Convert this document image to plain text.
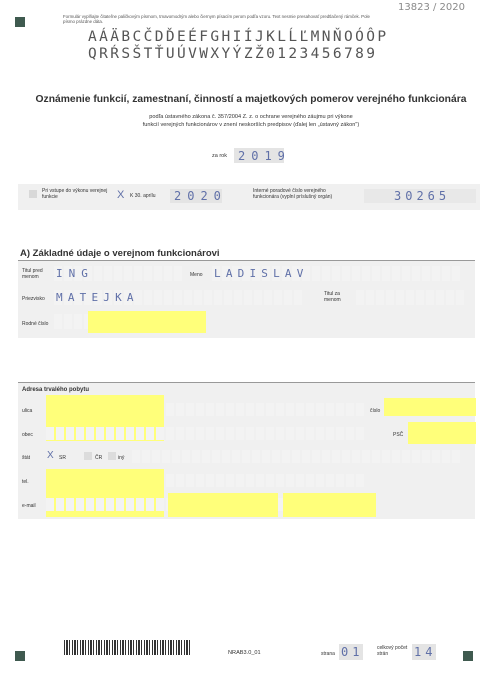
Formulár vyplňajte čitateľne paličkovým písmom, tmavomodrým alebo čiernym písacím perom podľa vzoru. Text nesmie presahovať predtlačený rámček. Pole písmo prázdne dáta.
13823 / 2020
AÁÄBCČDĎEÉFGHIÍJKLĹĽMNŇOÓÔP
QRŔSŠTŤUÚVWXYÝZŽ0123456789
Oznámenie funkcií, zamestnaní, činností a majetkových pomerov verejného funkcionára
podľa ústavného zákona č. 357/2004 Z. z. o ochrane verejného záujmu pri výkone
funkcií verejných funkcionárov v znení neskorších predpisov (ďalej len „ústavný zákon")
za rok 2019
Pri vstupe do výkonu verejnej funkcie	X K 30. aprílu 2020	Interné poradové číslo verejného funkcionára (vyplní príslušný orgán)	30265
A) Základné údaje o verejnom funkcionárovi
Titul pred menom	ING	Meno LADISLAV
Priezvisko MATEJKA	Titul za menom
Rodné číslo
Adresa trvalého pobytu
ulica	číslo
obec	PSČ
štát X SR	ČR	iný
tel.
e-mail
NRAB3.0_01	strana 01	celkový počet strán	14
